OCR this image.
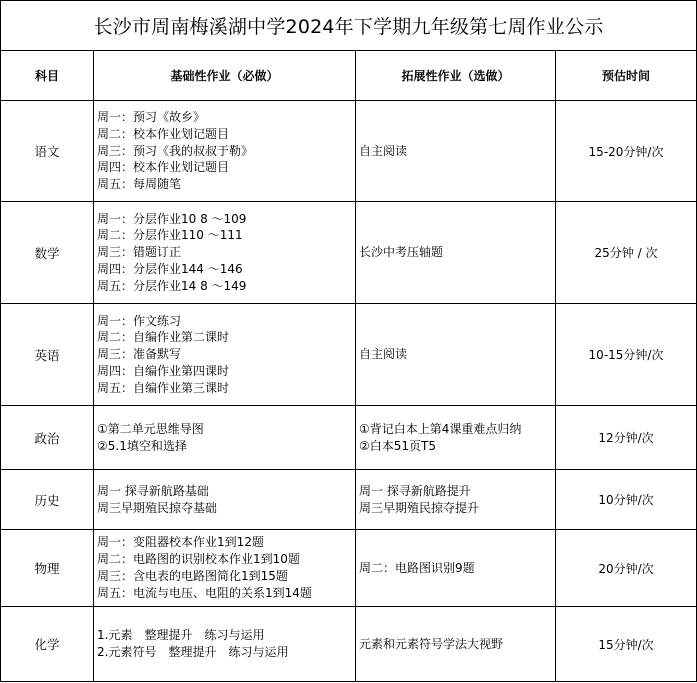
长沙市周南梅溪湖中学2024年下学期九年级第七周作业公示			
科目	基础性作业（必做）	拓展性作业（选做）	预估时间
语文	周一：预习《故乡》
周二：校本作业划记题目
周三：预习《我的叔叔于勒》
周四：校本作业划记题目
周五：每周随笔	自主阅读	15-20分钟/次
数学	周一：分层作业10 8 ～109
周二：分层作业110 ～111
周三：错题订正
周四：分层作业144 ～146
周五：分层作业14 8 ～149	长沙中考压轴题	25分钟 / 次
英语	周一：作文练习
周二：自编作业第二课时
周三：准备默写
周四：自编作业第四课时
周五：自编作业第三课时	自主阅读	10-15分钟/次
政治	①第二单元思维导图
②5.1填空和选择	①背记白本上第4课重难点归纳
②白本51页T5	12分钟/次
历史	周一 探寻新航路基础
周三早期殖民掠夺基础	周一 探寻新航路提升
周三早期殖民掠夺提升	10分钟/次
物理	周一：变阻器校本作业1到12题
周二：电路图的识别校本作业1到10题
周三：含电表的电路图简化1到15题
周五：电流与电压、电阻的关系1到14题	周二：电路图识别9题	20分钟/次
化学	1.元素　整理提升　练习与运用
2.元素符号　整理提升　练习与运用	元素和元素符号学法大视野	15分钟/次
